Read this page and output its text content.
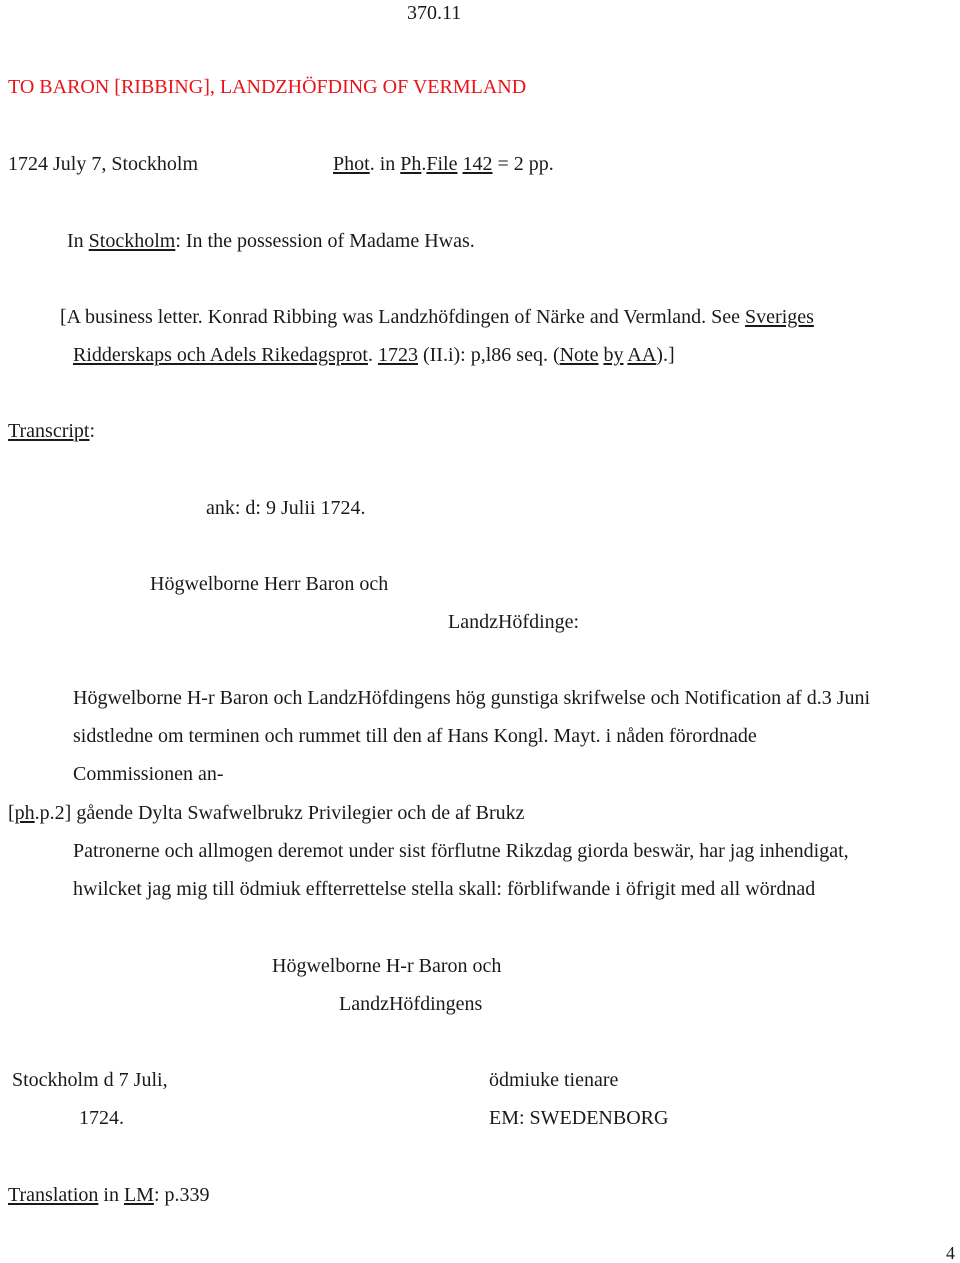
370.11
TO BARON [RIBBING], LANDZHÖFDING OF VERMLAND
1724 July 7, Stockholm	Phot. in Ph.File 142 = 2 pp.
In Stockholm: In the possession of Madame Hwas.
[A business letter. Konrad Ribbing was Landzhöfdingen of Närke and Vermland. See Sveriges
Ridderskaps och Adels Rikedagsprot. 1723 (II.i): p,l86 seq. (Note by AA).]
Transcript:
ank: d: 9 Julii 1724.
Högwelborne Herr Baron och
LandzHöfdinge:
Högwelborne H-r Baron och LandzHöfdingens hög gunstiga skrifwelse och Notification af d.3 Juni
sidstledne om terminen och rummet till den af Hans Kongl. Mayt. i nåden förordnade
Commissionen an-
[ph.p.2] gående Dylta Swafwelbrukz Privilegier och de af Brukz
Patronerne och allmogen deremot under sist förflutne Rikzdag giorda beswär, har jag inhendigat,
hwilcket jag mig till ödmiuk effterrettelse stella skall: förblifwande i öfrigit med all wördnad
Högwelborne H-r Baron och
LandzHöfdingens
Stockholm d 7 Juli,
1724.
ödmiuke tienare
EM: SWEDENBORG
Translation in LM: p.339
4
